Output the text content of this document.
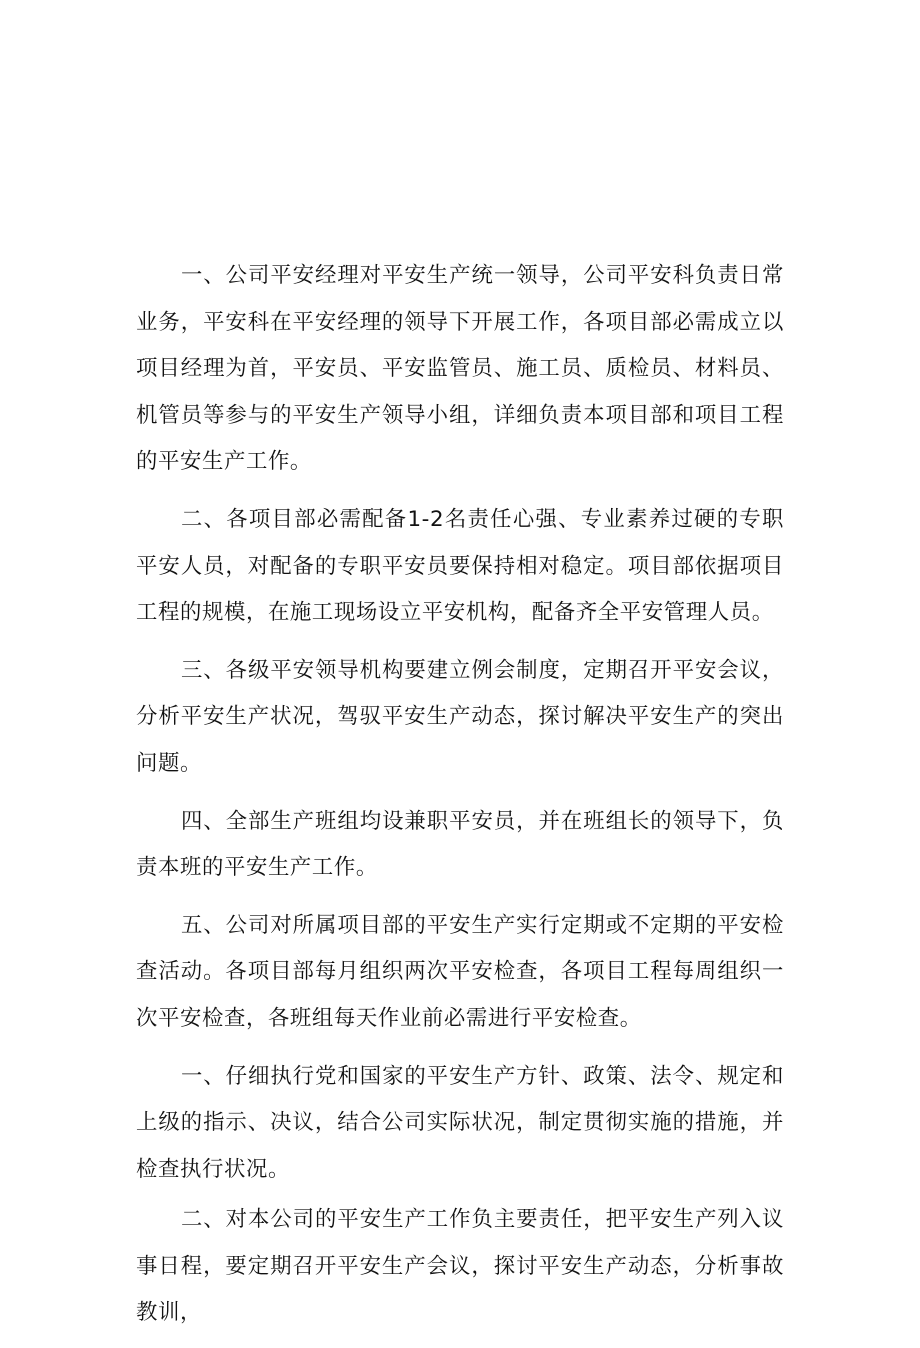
一、公司平安经理对平安生产统一领导，公司平安科负责日常业务，平安科在平安经理的领导下开展工作，各项目部必需成立以项目经理为首，平安员、平安监管员、施工员、质检员、材料员、机管员等参与的平安生产领导小组，详细负责本项目部和项目工程的平安生产工作。

二、各项目部必需配备1-2名责任心强、专业素养过硬的专职平安人员，对配备的专职平安员要保持相对稳定。项目部依据项目工程的规模，在施工现场设立平安机构，配备齐全平安管理人员。

三、各级平安领导机构要建立例会制度，定期召开平安会议，分析平安生产状况，驾驭平安生产动态，探讨解决平安生产的突出问题。

四、全部生产班组均设兼职平安员，并在班组长的领导下，负责本班的平安生产工作。

五、公司对所属项目部的平安生产实行定期或不定期的平安检查活动。各项目部每月组织两次平安检查，各项目工程每周组织一次平安检查，各班组每天作业前必需进行平安检查。

一、仔细执行党和国家的平安生产方针、政策、法令、规定和上级的指示、决议，结合公司实际状况，制定贯彻实施的措施，并检查执行状况。

二、对本公司的平安生产工作负主要责任，把平安生产列入议事日程，要定期召开平安生产会议，探讨平安生产动态，分析事故教训，
